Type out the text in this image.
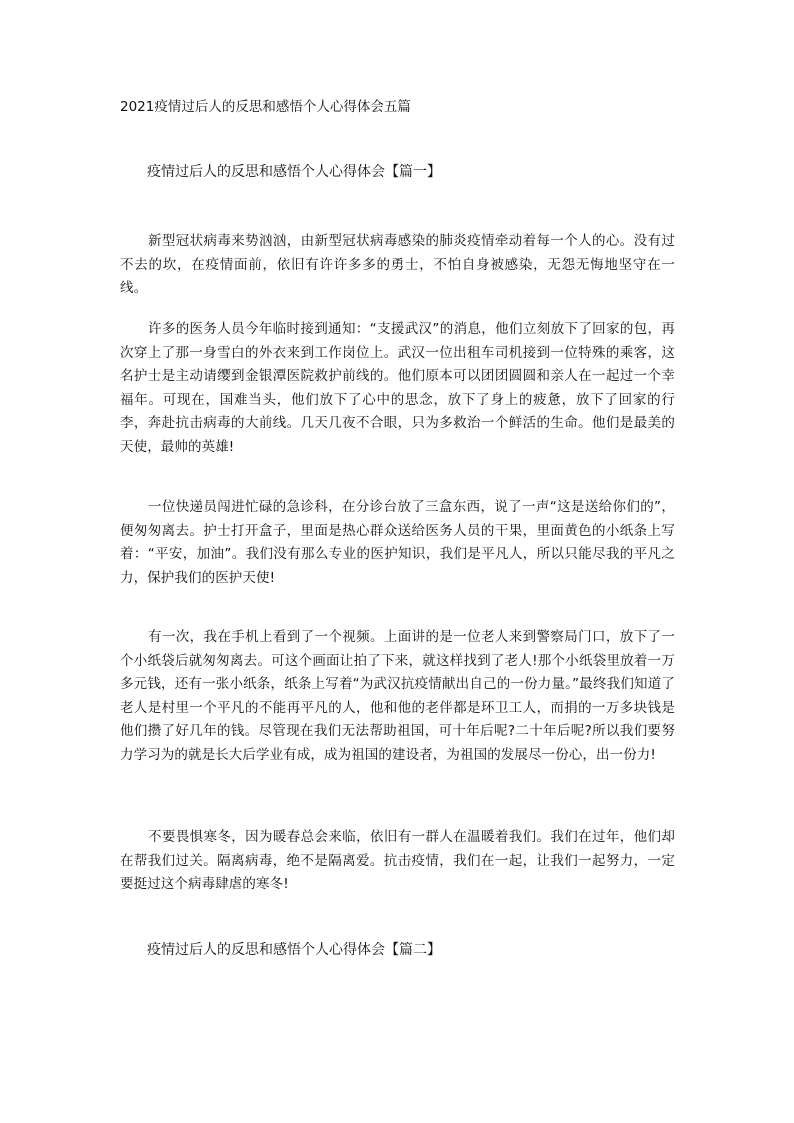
2021疫情过后人的反思和感悟个人心得体会五篇
疫情过后人的反思和感悟个人心得体会【篇一】

新型冠状病毒来势汹汹，由新型冠状病毒感染的肺炎疫情牵动着每一个人的心。没有过不去的坎，在疫情面前，依旧有许许多多的勇士，不怕自身被感染，无怨无悔地坚守在一线。

许多的医务人员今年临时接到通知：“支援武汉”的消息，他们立刻放下了回家的包，再次穿上了那一身雪白的外衣来到工作岗位上。武汉一位出租车司机接到一位特殊的乘客，这名护士是主动请缨到金银潭医院救护前线的。他们原本可以团团圆圆和亲人在一起过一个幸福年。可现在，国难当头，他们放下了心中的思念，放下了身上的疲惫，放下了回家的行李，奔赴抗击病毒的大前线。几天几夜不合眼，只为多救治一个鲜活的生命。他们是最美的天使，最帅的英雄!

一位快递员闯进忙碌的急诊科，在分诊台放了三盒东西，说了一声“这是送给你们的”，便匆匆离去。护士打开盒子，里面是热心群众送给医务人员的干果，里面黄色的小纸条上写着：“平安，加油”。我们没有那么专业的医护知识，我们是平凡人，所以只能尽我的平凡之力，保护我们的医护天使!

有一次，我在手机上看到了一个视频。上面讲的是一位老人来到警察局门口，放下了一个小纸袋后就匆匆离去。可这个画面让拍了下来，就这样找到了老人!那个小纸袋里放着一万多元钱，还有一张小纸条，纸条上写着“为武汉抗疫情献出自己的一份力量。”最终我们知道了老人是村里一个平凡的不能再平凡的人，他和他的老伴都是环卫工人，而捐的一万多块钱是他们攒了好几年的钱。尽管现在我们无法帮助祖国，可十年后呢?二十年后呢?所以我们要努力学习为的就是长大后学业有成，成为祖国的建设者，为祖国的发展尽一份心，出一份力!

不要畏惧寒冬，因为暖春总会来临，依旧有一群人在温暖着我们。我们在过年，他们却在帮我们过关。隔离病毒，绝不是隔离爱。抗击疫情，我们在一起，让我们一起努力，一定要挺过这个病毒肆虐的寒冬!

疫情过后人的反思和感悟个人心得体会【篇二】
